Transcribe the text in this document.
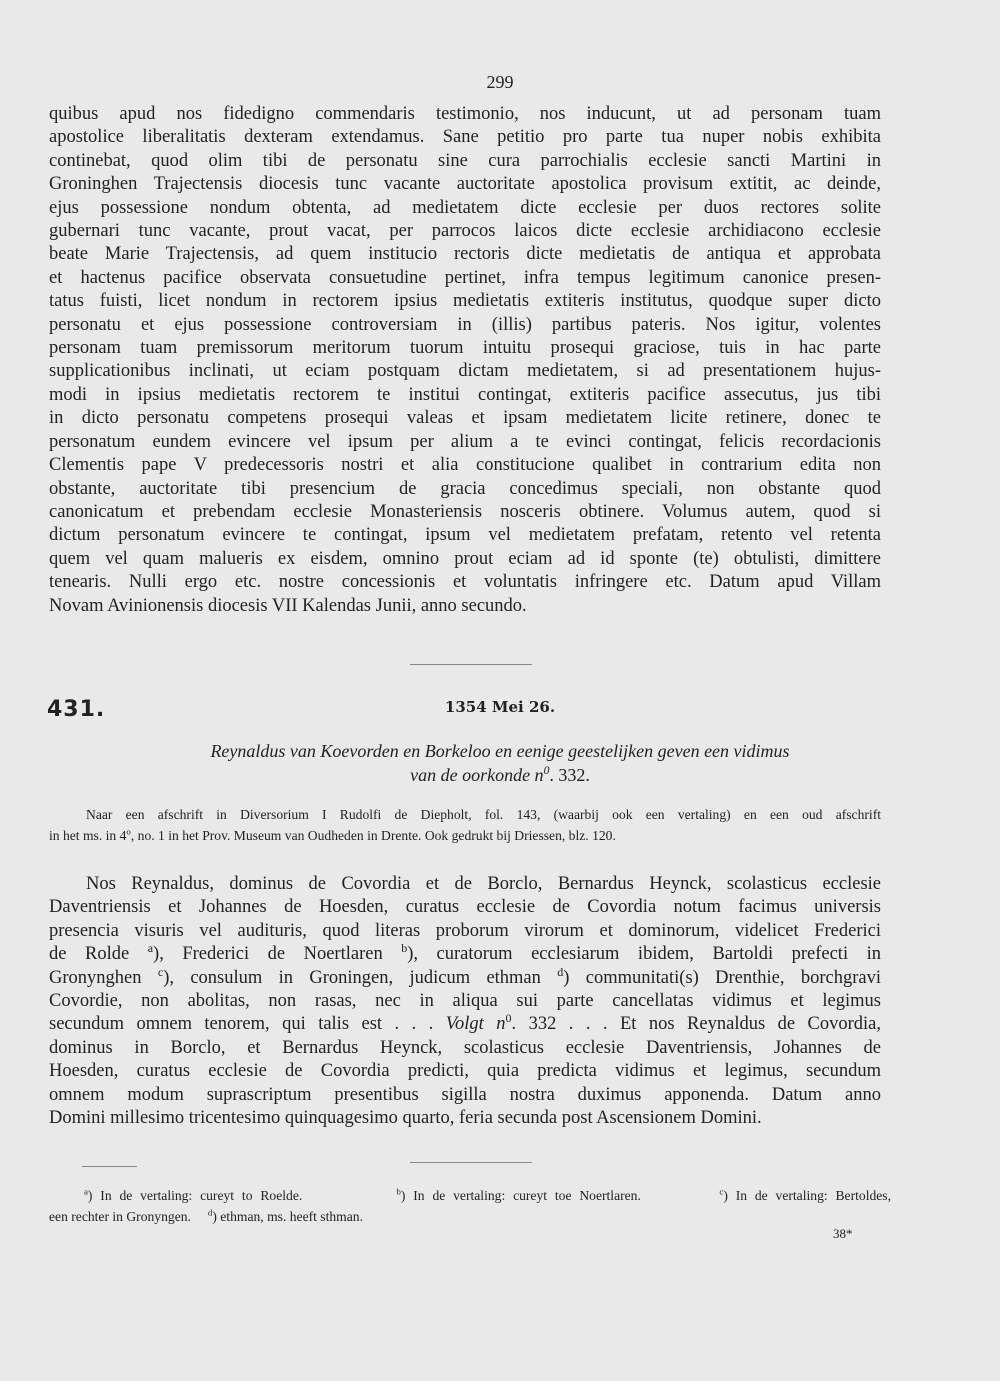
299
quibus apud nos fidedigno commendaris testimonio, nos inducunt, ut ad personam tuam
apostolice liberalitatis dexteram extendamus. Sane petitio pro parte tua nuper nobis exhibita
continebat, quod olim tibi de personatu sine cura parrochialis ecclesie sancti Martini in
Groninghen Trajectensis diocesis tunc vacante auctoritate apostolica provisum extitit, ac deinde,
ejus possessione nondum obtenta, ad medietatem dicte ecclesie per duos rectores solite
gubernari tunc vacante, prout vacat, per parrocos laicos dicte ecclesie archidiacono ecclesie
beate Marie Trajectensis, ad quem institucio rectoris dicte medietatis de antiqua et approbata
et hactenus pacifice observata consuetudine pertinet, infra tempus legitimum canonice presen-
tatus fuisti, licet nondum in rectorem ipsius medietatis extiteris institutus, quodque super dicto
personatu et ejus possessione controversiam in (illis) partibus pateris. Nos igitur, volentes
personam tuam premissorum meritorum tuorum intuitu prosequi graciose, tuis in hac parte
supplicationibus inclinati, ut eciam postquam dictam medietatem, si ad presentationem hujus-
modi in ipsius medietatis rectorem te institui contingat, extiteris pacifice assecutus, jus tibi
in dicto personatu competens prosequi valeas et ipsam medietatem licite retinere, donec te
personatum eundem evincere vel ipsum per alium a te evinci contingat, felicis recordacionis
Clementis pape V predecessoris nostri et alia constitucione qualibet in contrarium edita non
obstante, auctoritate tibi presencium de gracia concedimus speciali, non obstante quod
canonicatum et prebendam ecclesie Monasteriensis nosceris obtinere. Volumus autem, quod si
dictum personatum evincere te contingat, ipsum vel medietatem prefatam, retento vel retenta
quem vel quam malueris ex eisdem, omnino prout eciam ad id sponte (te) obtulisti, dimittere
tenearis. Nulli ergo etc. nostre concessionis et voluntatis infringere etc. Datum apud Villam
Novam Avinionensis diocesis VII Kalendas Junii, anno secundo.
431.	1354 Mei 26.
Reynaldus van Koevorden en Borkeloo en eenige geestelijken geven een vidimus
van de oorkonde $n^0$. 332.
Naar een afschrift in Diversorium I Rudolfi de Diepholt, fol. 143, (waarbij ook een vertaling) en een oud afschrift
in het ms. in 4$^o$, no. 1 in het Prov. Museum van Oudheden in Drente. Ook gedrukt bij Driessen, blz. 120.
Nos Reynaldus, dominus de Covordia et de Borclo, Bernardus Heynck, scolasticus ecclesie
Daventriensis et Johannes de Hoesden, curatus ecclesie de Covordia notum facimus universis
presencia visuris vel audituris, quod literas proborum virorum et dominorum, videlicet Frederici
de Rolde $^a$), Frederici de Noertlaren $^b$), curatorum ecclesiarum ibidem, Bartoldi prefecti in
Gronynghen $^c$), consulum in Groningen, judicum ethman $^d$) communitati(s) Drenthie, borchgravi
Covordie, non abolitas, non rasas, nec in aliqua sui parte cancellatas vidimus et legimus
secundum omnem tenorem, qui talis est . . . Volgt $n^0$. 332 . . . Et nos Reynaldus de Covordia,
dominus in Borclo, et Bernardus Heynck, scolasticus ecclesie Daventriensis, Johannes de
Hoesden, curatus ecclesie de Covordia predicti, quia predicta vidimus et legimus, secundum
omnem modum suprascriptum presentibus sigilla nostra duximus apponenda. Datum anno
Domini millesimo tricentesimo quinquagesimo quarto, feria secunda post Ascensionem Domini.
$^a$) In de vertaling: cureyt to Roelde.	$^b$) In de vertaling: cureyt toe Noertlaren.	$^c$) In de vertaling: Bertoldes,
een rechter in Gronyngen. $^d$) ethman, ms. heeft sthman.
38*
